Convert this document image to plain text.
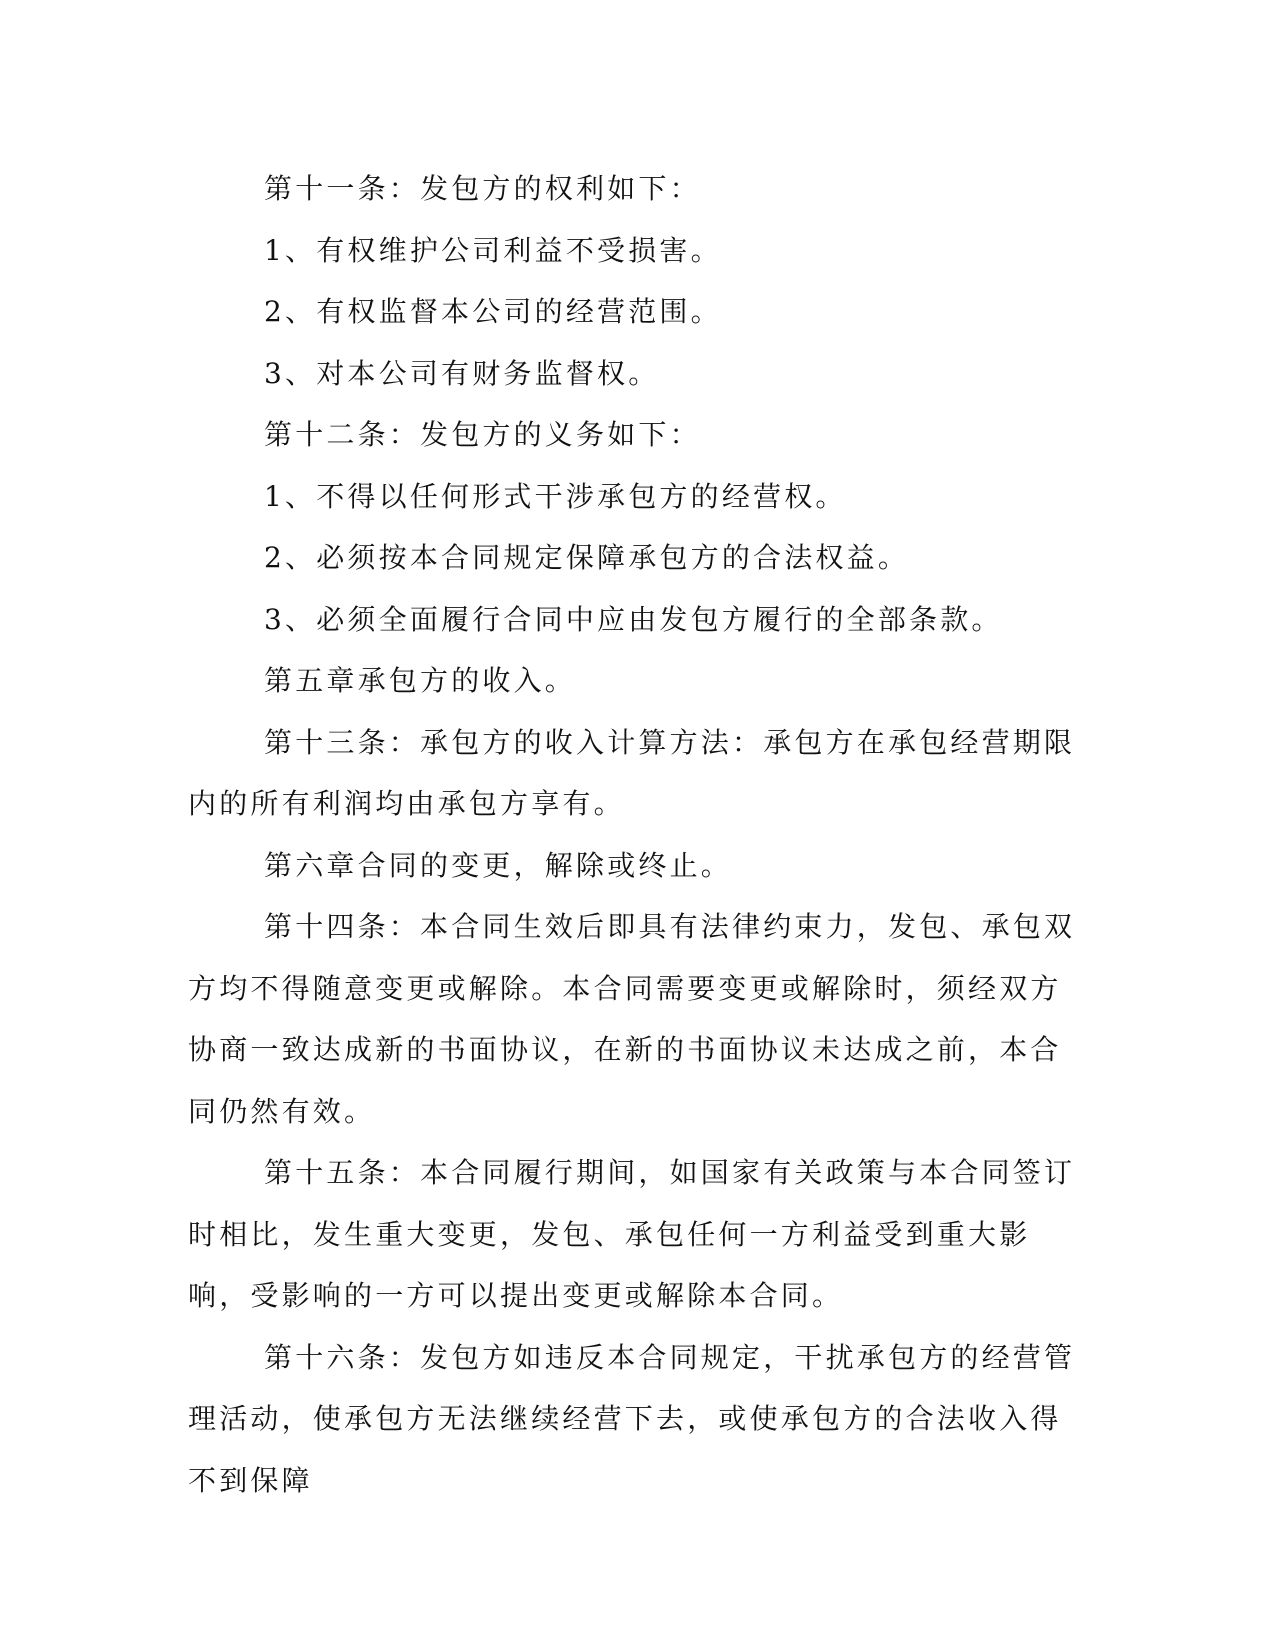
第十一条：发包方的权利如下：

1、有权维护公司利益不受损害。

2、有权监督本公司的经营范围。

3、对本公司有财务监督权。

第十二条：发包方的义务如下：

1、不得以任何形式干涉承包方的经营权。

2、必须按本合同规定保障承包方的合法权益。

3、必须全面履行合同中应由发包方履行的全部条款。

第五章承包方的收入。

第十三条：承包方的收入计算方法：承包方在承包经营期限内的所有利润均由承包方享有。

第六章合同的变更，解除或终止。

第十四条：本合同生效后即具有法律约束力，发包、承包双方均不得随意变更或解除。本合同需要变更或解除时，须经双方协商一致达成新的书面协议，在新的书面协议未达成之前，本合同仍然有效。

第十五条：本合同履行期间，如国家有关政策与本合同签订时相比，发生重大变更，发包、承包任何一方利益受到重大影响，受影响的一方可以提出变更或解除本合同。

第十六条：发包方如违反本合同规定，干扰承包方的经营管理活动，使承包方无法继续经营下去，或使承包方的合法收入得不到保障
